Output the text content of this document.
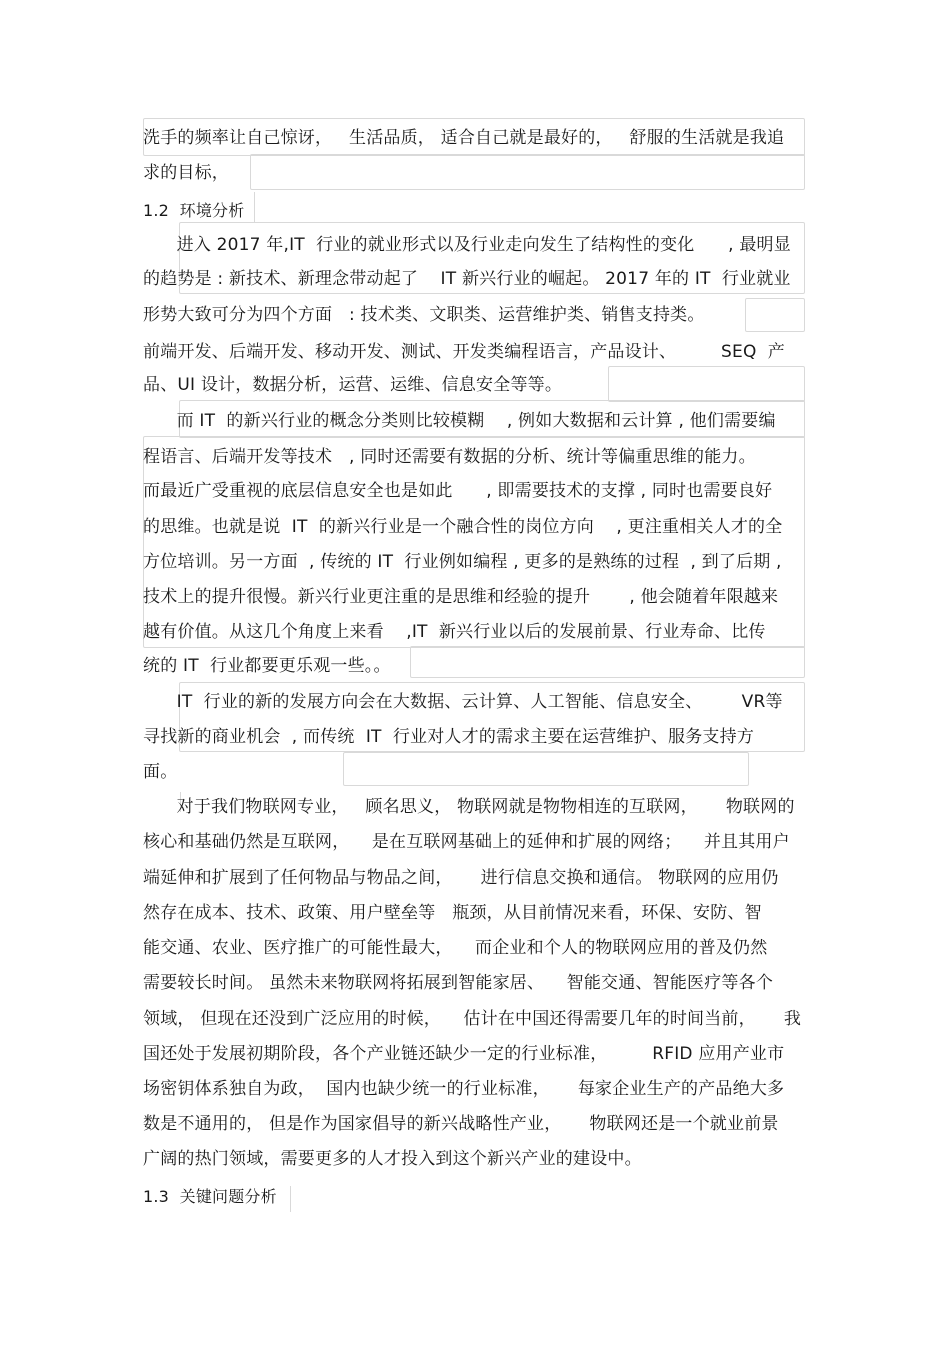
洗手的频率让自己惊讶，   生活品质， 适合自己就是最好的，   舒服的生活就是我追
求的目标，
1.2  环境分析
进入 2017 年,IT  行业的就业形式以及行业走向发生了结构性的变化      , 最明显
的趋势是 : 新技术、新理念带动起了    IT 新兴行业的崛起。 2017 年的 IT  行业就业
形势大致可分为四个方面   : 技术类、文职类、运营维护类、销售支持类。
前端开发、后端开发、移动开发、测试、开发类编程语言，产品设计、        SEQ  产
品、UI 设计，数据分析，运营、运维、信息安全等等。
而 IT  的新兴行业的概念分类则比较模糊    , 例如大数据和云计算 , 他们需要编
程语言、后端开发等技术   , 同时还需要有数据的分析、统计等偏重思维的能力。
而最近广受重视的底层信息安全也是如此      , 即需要技术的支撑 , 同时也需要良好
的思维。也就是说  IT  的新兴行业是一个融合性的岗位方向    , 更注重相关人才的全
方位培训。另一方面  , 传统的 IT  行业例如编程 , 更多的是熟练的过程  , 到了后期 ,
技术上的提升很慢。新兴行业更注重的是思维和经验的提升       , 他会随着年限越来
越有价值。从这几个角度上来看    ,IT  新兴行业以后的发展前景、行业寿命、比传
统的 IT  行业都要更乐观一些。。
IT  行业的新的发展方向会在大数据、云计算、人工智能、信息安全、       VR等
寻找新的商业机会  , 而传统  IT  行业对人才的需求主要在运营维护、服务支持方
面。
对于我们物联网专业，   顾名思义， 物联网就是物物相连的互联网，     物联网的
核心和基础仍然是互联网，    是在互联网基础上的延伸和扩展的网络；    并且其用户
端延伸和扩展到了任何物品与物品之间，     进行信息交换和通信。 物联网的应用仍
然存在成本、技术、政策、用户壁垒等   瓶颈，从目前情况来看，环保、安防、智
能交通、农业、医疗推广的可能性最大，    而企业和个人的物联网应用的普及仍然
需要较长时间。 虽然未来物联网将拓展到智能家居、    智能交通、智能医疗等各个
领域， 但现在还没到广泛应用的时候，    估计在中国还得需要几年的时间当前，     我
国还处于发展初期阶段，各个产业链还缺少一定的行业标准，        RFID 应用产业市
场密钥体系独自为政，  国内也缺少统一的行业标准，     每家企业生产的产品绝大多
数是不通用的， 但是作为国家倡导的新兴战略性产业，     物联网还是一个就业前景
广阔的热门领域，需要更多的人才投入到这个新兴产业的建设中。
1.3  关键问题分析
